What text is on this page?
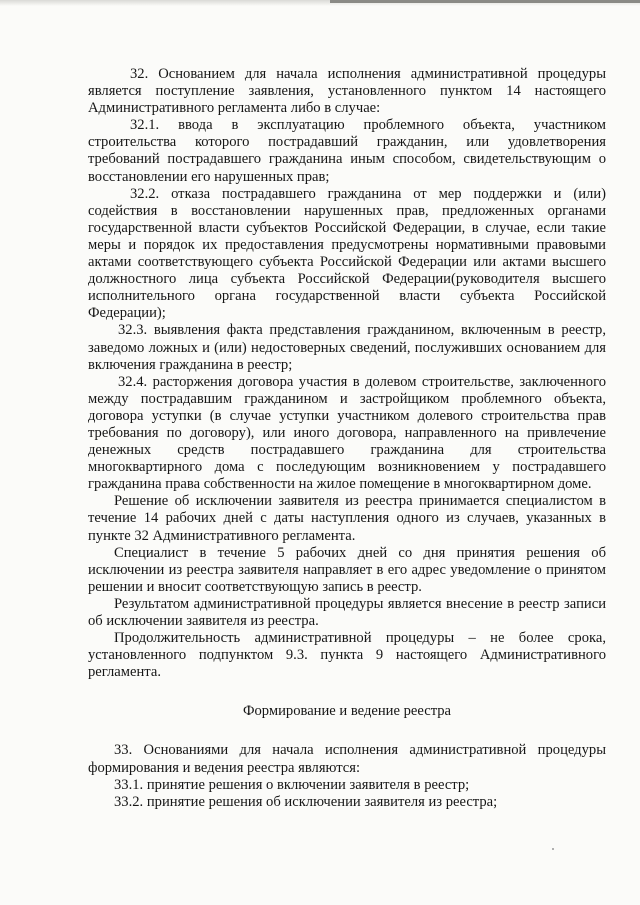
32. Основанием для начала исполнения административной процедуры является поступление заявления, установленного пунктом 14 настоящего Административного регламента либо в случае:

32.1. ввода в эксплуатацию проблемного объекта, участником строительства которого пострадавший гражданин, или удовлетворения требований пострадавшего гражданина иным способом, свидетельствующим о восстановлении его нарушенных прав;

32.2. отказа пострадавшего гражданина от мер поддержки и (или) содействия в восстановлении нарушенных прав, предложенных органами государственной власти субъектов Российской Федерации, в случае, если такие меры и порядок их предоставления предусмотрены нормативными правовыми актами соответствующего субъекта Российской Федерации или актами высшего должностного лица субъекта Российской Федерации(руководителя высшего исполнительного органа государственной власти субъекта Российской Федерации);

32.3. выявления факта представления гражданином, включенным в реестр, заведомо ложных и (или) недостоверных сведений, послуживших основанием для включения гражданина в реестр;

32.4. расторжения договора участия в долевом строительстве, заключенного между пострадавшим гражданином и застройщиком проблемного объекта, договора уступки (в случае уступки участником долевого строительства прав требования по договору), или иного договора, направленного на привлечение денежных средств пострадавшего гражданина для строительства многоквартирного дома с последующим возникновением у пострадавшего гражданина права собственности на жилое помещение в многоквартирном доме.

Решение об исключении заявителя из реестра принимается специалистом в течение 14 рабочих дней с даты наступления одного из случаев, указанных в пункте 32 Административного регламента.

Специалист в течение 5 рабочих дней со дня принятия решения об исключении из реестра заявителя направляет в его адрес уведомление о принятом решении и вносит соответствующую запись в реестр.

Результатом административной процедуры является внесение в реестр записи об исключении заявителя из реестра.

Продолжительность административной процедуры – не более срока, установленного подпунктом 9.3. пункта 9 настоящего Административного регламента.

Формирование и ведение реестра

33. Основаниями для начала исполнения административной процедуры формирования и ведения реестра являются:

33.1. принятие решения о включении заявителя в реестр;

33.2. принятие решения об исключении заявителя из реестра;
